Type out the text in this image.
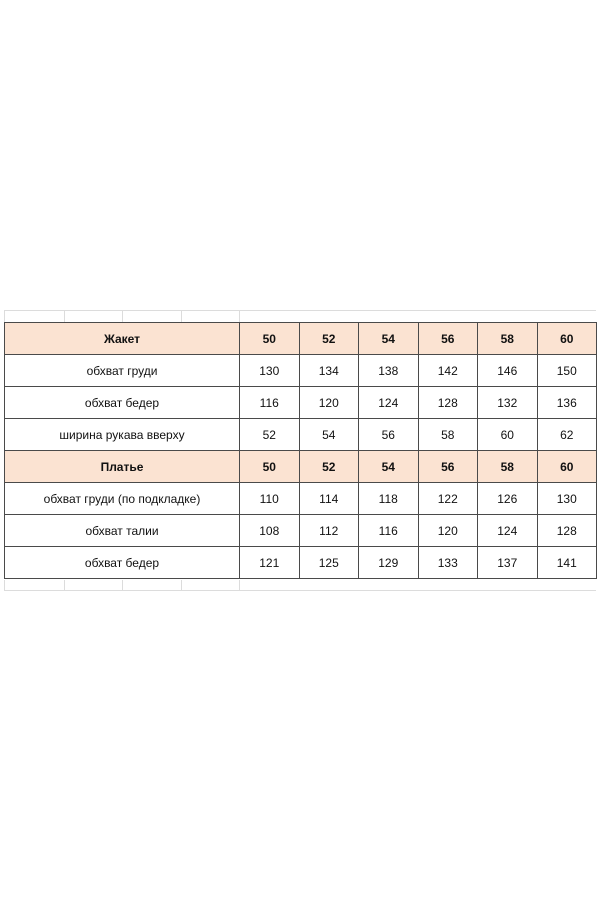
Жакет	50	52	54	56	58	60
обхват груди	130	134	138	142	146	150
обхват бедер	116	120	124	128	132	136
ширина рукава вверху	52	54	56	58	60	62
Платье	50	52	54	56	58	60
обхват груди (по подкладке)	110	114	118	122	126	130
обхват талии	108	112	116	120	124	128
обхват бедер	121	125	129	133	137	141
